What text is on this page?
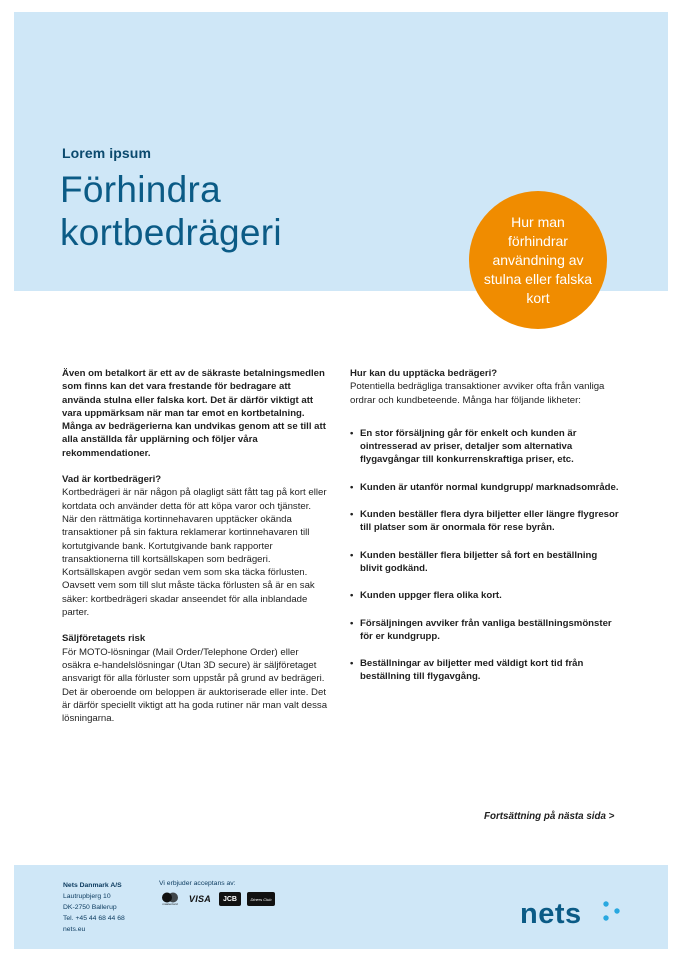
Lorem ipsum
Förhindra
kortbedrägeri	Hur man förhindrar användning av stulna eller falska kort

Även om betalkort är ett av de säkraste betalningsmedlen som finns kan det vara frestande för bedragare att använda stulna eller falska kort. Det är därför viktigt att vara uppmärksam när man tar emot en kortbetalning. Många av bedrägerierna kan undvikas genom att se till att alla anställda får upplärning och följer våra rekommendationer.

Vad är kortbedrägeri?

Kortbedrägeri är när någon på olagligt sätt fått tag på kort eller kortdata och använder detta för att köpa varor och tjänster. När den rättmätiga kortinnehavaren upptäcker okända transaktioner på sin faktura reklamerar kortinnehavaren till kortutgivande bank. Kortutgivande bank rapporter transaktionerna till kortsällskapen som bedrägeri. Kortsällskapen avgör sedan vem som ska täcka förlusten. Oavsett vem som till slut måste täcka förlusten så är en sak säker: kortbedrägeri skadar anseendet för alla inblandade parter.

Säljföretagets risk

För MOTO-lösningar (Mail Order/Telephone Order) eller osäkra e-handelslösningar (Utan 3D secure) är säljföretaget ansvarigt för alla förluster som uppstår på grund av bedrägeri. Det är oberoende om beloppen är auktoriserade eller inte. Det är därför speciellt viktigt att ha goda rutiner när man valt dessa lösningarna.

Hur kan du upptäcka bedrägeri?

Potentiella bedrägliga transaktioner avviker ofta från vanliga ordrar och kundbeteende. Många har följande likheter:

• En stor försäljning går för enkelt och kunden är ointresserad av priser, detaljer som alternativa flygavgångar till konkurrenskraftiga priser, etc.
• Kunden är utanför normal kundgrupp/ marknadsområde.
• Kunden beställer flera dyra biljetter eller längre flygresor till platser som är onormala för rese byrån.
• Kunden beställer flera biljetter så fort en beställning blivit godkänd.
• Kunden uppger flera olika kort.
• Försäljningen avviker från vanliga beställningsmönster för er kundgrupp.
• Beställningar av biljetter med väldigt kort tid från beställning till flygavgång.
Fortsättning på nästa sida >
Nets Danmark A/S
Lautrupbjerg 10
DK-2750 Ballerup
Tel. +45 44 68 44 68
nets.eu
Vi erbjuder acceptans av:
mastercard VISA	JCB	Diners Club	nets
